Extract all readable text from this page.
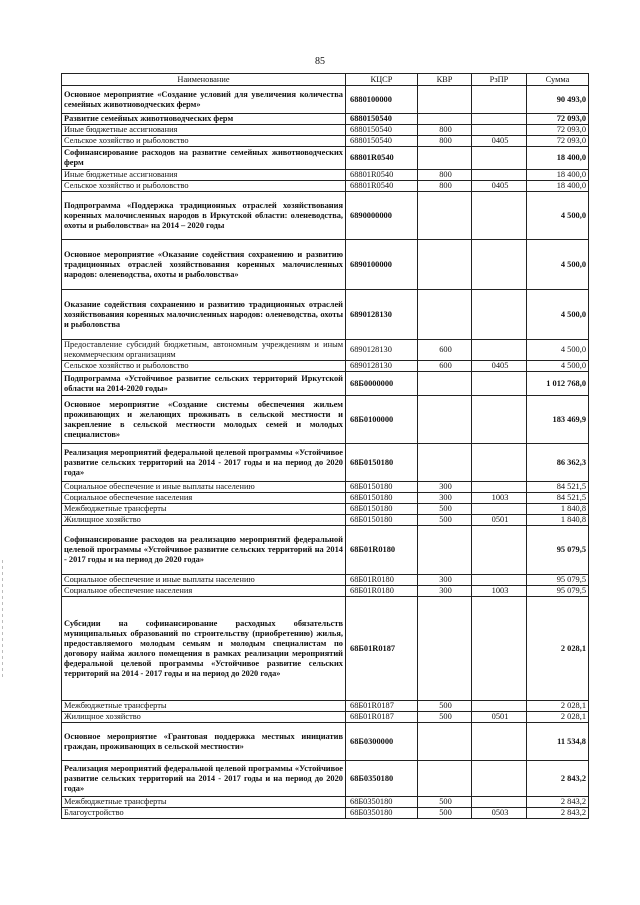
85
Наименование	КЦСР	КВР	РзПР	Сумма
Основное мероприятие «Создание условий для увеличения количества семейных животноводческих ферм»	6880100000			90 493,0
Развитие семейных животноводческих ферм	6880150540			72 093,0
Иные бюджетные ассигнования	6880150540	800		72 093,0
Сельское хозяйство и рыболовство	6880150540	800	0405	72 093,0
Софинансирование расходов на развитие семейных животноводческих ферм	68801R0540			18 400,0
Иные бюджетные ассигнования	68801R0540	800		18 400,0
Сельское хозяйство и рыболовство	68801R0540	800	0405	18 400,0
Подпрограмма «Поддержка традиционных отраслей хозяйствования коренных малочисленных народов в Иркутской области: оленеводства, охоты и рыболовства» на 2014 – 2020 годы	6890000000			4 500,0
Основное мероприятие «Оказание содействия сохранению и развитию традиционных отраслей хозяйствования коренных малочисленных народов: оленеводства, охоты и рыболовства»	6890100000			4 500,0
Оказание содействия сохранению и развитию традиционных отраслей хозяйствования коренных малочисленных народов: оленеводства, охоты и рыболовства	6890128130			4 500,0
Предоставление субсидий бюджетным, автономным учреждениям и иным некоммерческим организациям	6890128130	600		4 500,0
Сельское хозяйство и рыболовство	6890128130	600	0405	4 500,0
Подпрограмма «Устойчивое развитие сельских территорий Иркутской области на 2014-2020 годы»	68Б0000000			1 012 768,0
Основное мероприятие «Создание системы обеспечения жильем проживающих и желающих проживать в сельской местности и закрепление в сельской местности молодых семей и молодых специалистов»	68Б0100000			183 469,9
Реализация мероприятий федеральной целевой программы «Устойчивое развитие сельских территорий на 2014 - 2017 годы и на период до 2020 года»	68Б0150180			86 362,3
Социальное обеспечение и иные выплаты населению	68Б0150180	300		84 521,5
Социальное обеспечение населения	68Б0150180	300	1003	84 521,5
Межбюджетные трансферты	68Б0150180	500		1 840,8
Жилищное хозяйство	68Б0150180	500	0501	1 840,8
Софинансирование расходов на реализацию мероприятий федеральной целевой программы «Устойчивое развитие сельских территорий на 2014 - 2017 годы и на период до 2020 года»	68Б01R0180			95 079,5
Социальное обеспечение и иные выплаты населению	68Б01R0180	300		95 079,5
Социальное обеспечение населения	68Б01R0180	300	1003	95 079,5
Субсидии на софинансирование расходных обязательств муниципальных образований по строительству (приобретению) жилья, предоставляемого молодым семьям и молодым специалистам по договору найма жилого помещения в рамках реализации мероприятий федеральной целевой программы «Устойчивое развитие сельских территорий на 2014 - 2017 годы и на период до 2020 года»	68Б01R0187			2 028,1
Межбюджетные трансферты	68Б01R0187	500		2 028,1
Жилищное хозяйство	68Б01R0187	500	0501	2 028,1
Основное мероприятие «Грантовая поддержка местных инициатив граждан, проживающих в сельской местности»	68Б0300000			11 534,8
Реализация мероприятий федеральной целевой программы «Устойчивое развитие сельских территорий на 2014 - 2017 годы и на период до 2020 года»	68Б0350180			2 843,2
Межбюджетные трансферты	68Б0350180	500		2 843,2
Благоустройство	68Б0350180	500	0503	2 843,2
